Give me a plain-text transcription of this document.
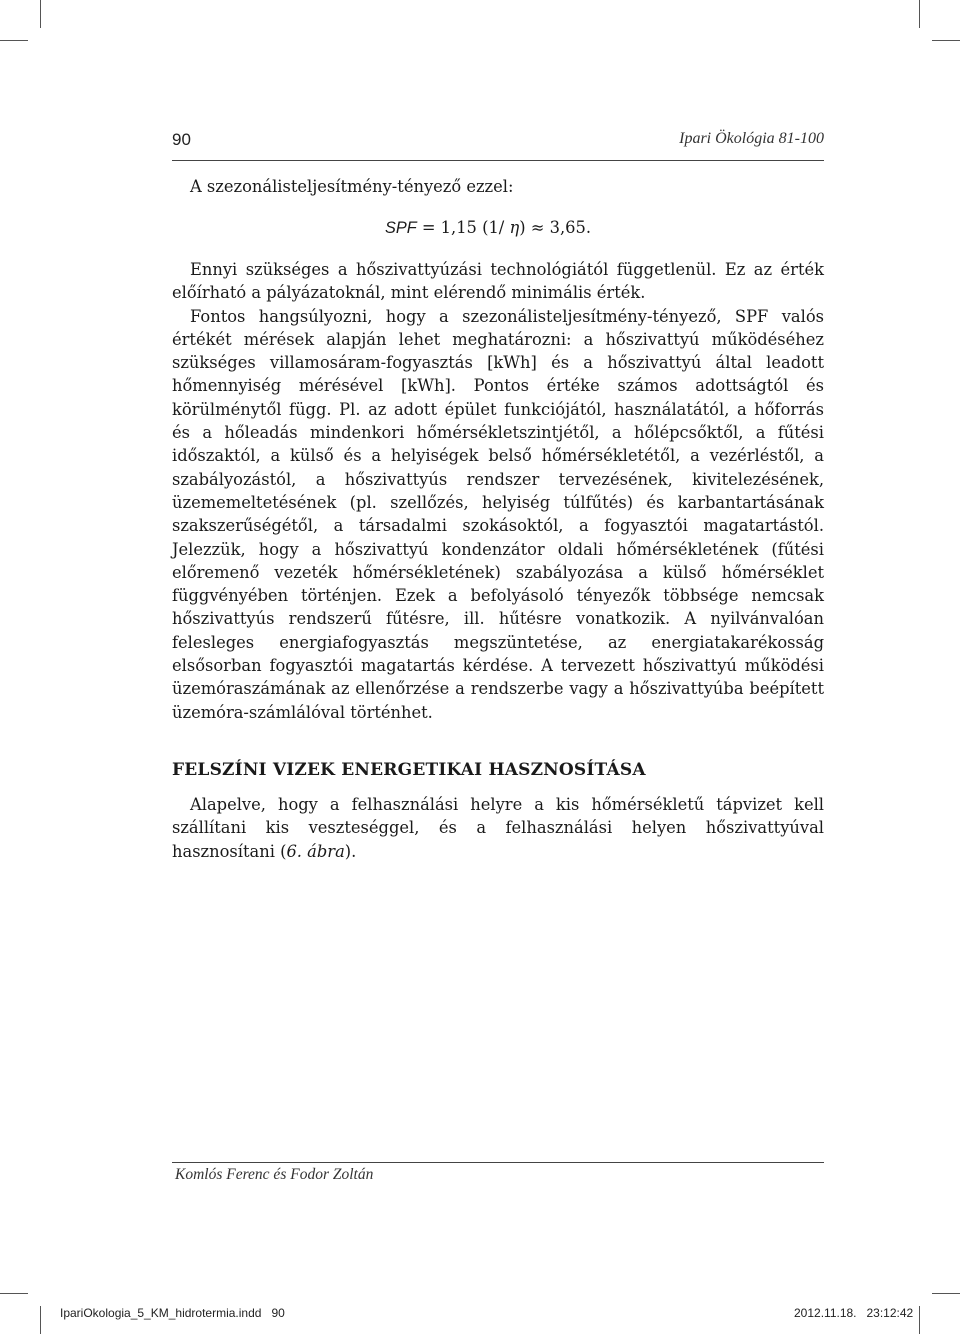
90	Ipari Ökológia 81-100
A szezonálisteljesítmény-tényező ezzel:
SPF = 1,15 (1/ η) ≈ 3,65.

Ennyi szükséges a hőszivattyúzási technológiától függetlenül. Ez az érték előírható a pályázatoknál, mint elérendő minimális érték.

Fontos hangsúlyozni, hogy a szezonálisteljesítmény-tényező, SPF valós értékét mérések alapján lehet meghatározni: a hőszivattyú működéséhez szükséges villamosáram-fogyasztás [kWh] és a hőszivattyú által leadott hőmennyiség mérésével [kWh]. Pontos értéke számos adottságtól és körülménytől függ. Pl. az adott épület funkciójától, használatától, a hőforrás és a hőleadás mindenkori hőmérsékletszintjétől, a hőlépcsőktől, a fűtési időszaktól, a külső és a helyiségek belső hőmérsékletétől, a vezérléstől, a szabályozástól, a hőszivattyús rendszer tervezésének, kivitelezésének, üzememeltetésének (pl. szellőzés, helyiség túlfűtés) és karbantartásának szakszerűségétől, a társadalmi szokásoktól, a fogyasztói magatartástól. Jelezzük, hogy a hőszivattyú kondenzátor oldali hőmérsékletének (fűtési előremenő vezeték hőmérsékletének) szabályozása a külső hőmérséklet függvényében történjen. Ezek a befolyásoló tényezők többsége nemcsak hőszivattyús rendszerű fűtésre, ill. hűtésre vonatkozik. A nyilvánvalóan felesleges energiafogyasztás megszüntetése, az energiatakarékosság elsősorban fogyasztói magatartás kérdése. A tervezett hőszivattyú működési üzemóraszámának az ellenőrzése a rendszerbe vagy a hőszivattyúba beépített üzemóra-számlálóval történhet.

FELSZÍNI VIZEK ENERGETIKAI HASZNOSÍTÁSA

Alapelve, hogy a felhasználási helyre a kis hőmérsékletű tápvizet kell szállítani kis veszteséggel, és a felhasználási helyen hőszivattyúval hasznosítani (6. ábra).

Komlós Ferenc és Fodor Zoltán
IpariOkologia_5_KM_hidrotermia.indd   90	2012.11.18.   23:12:42
